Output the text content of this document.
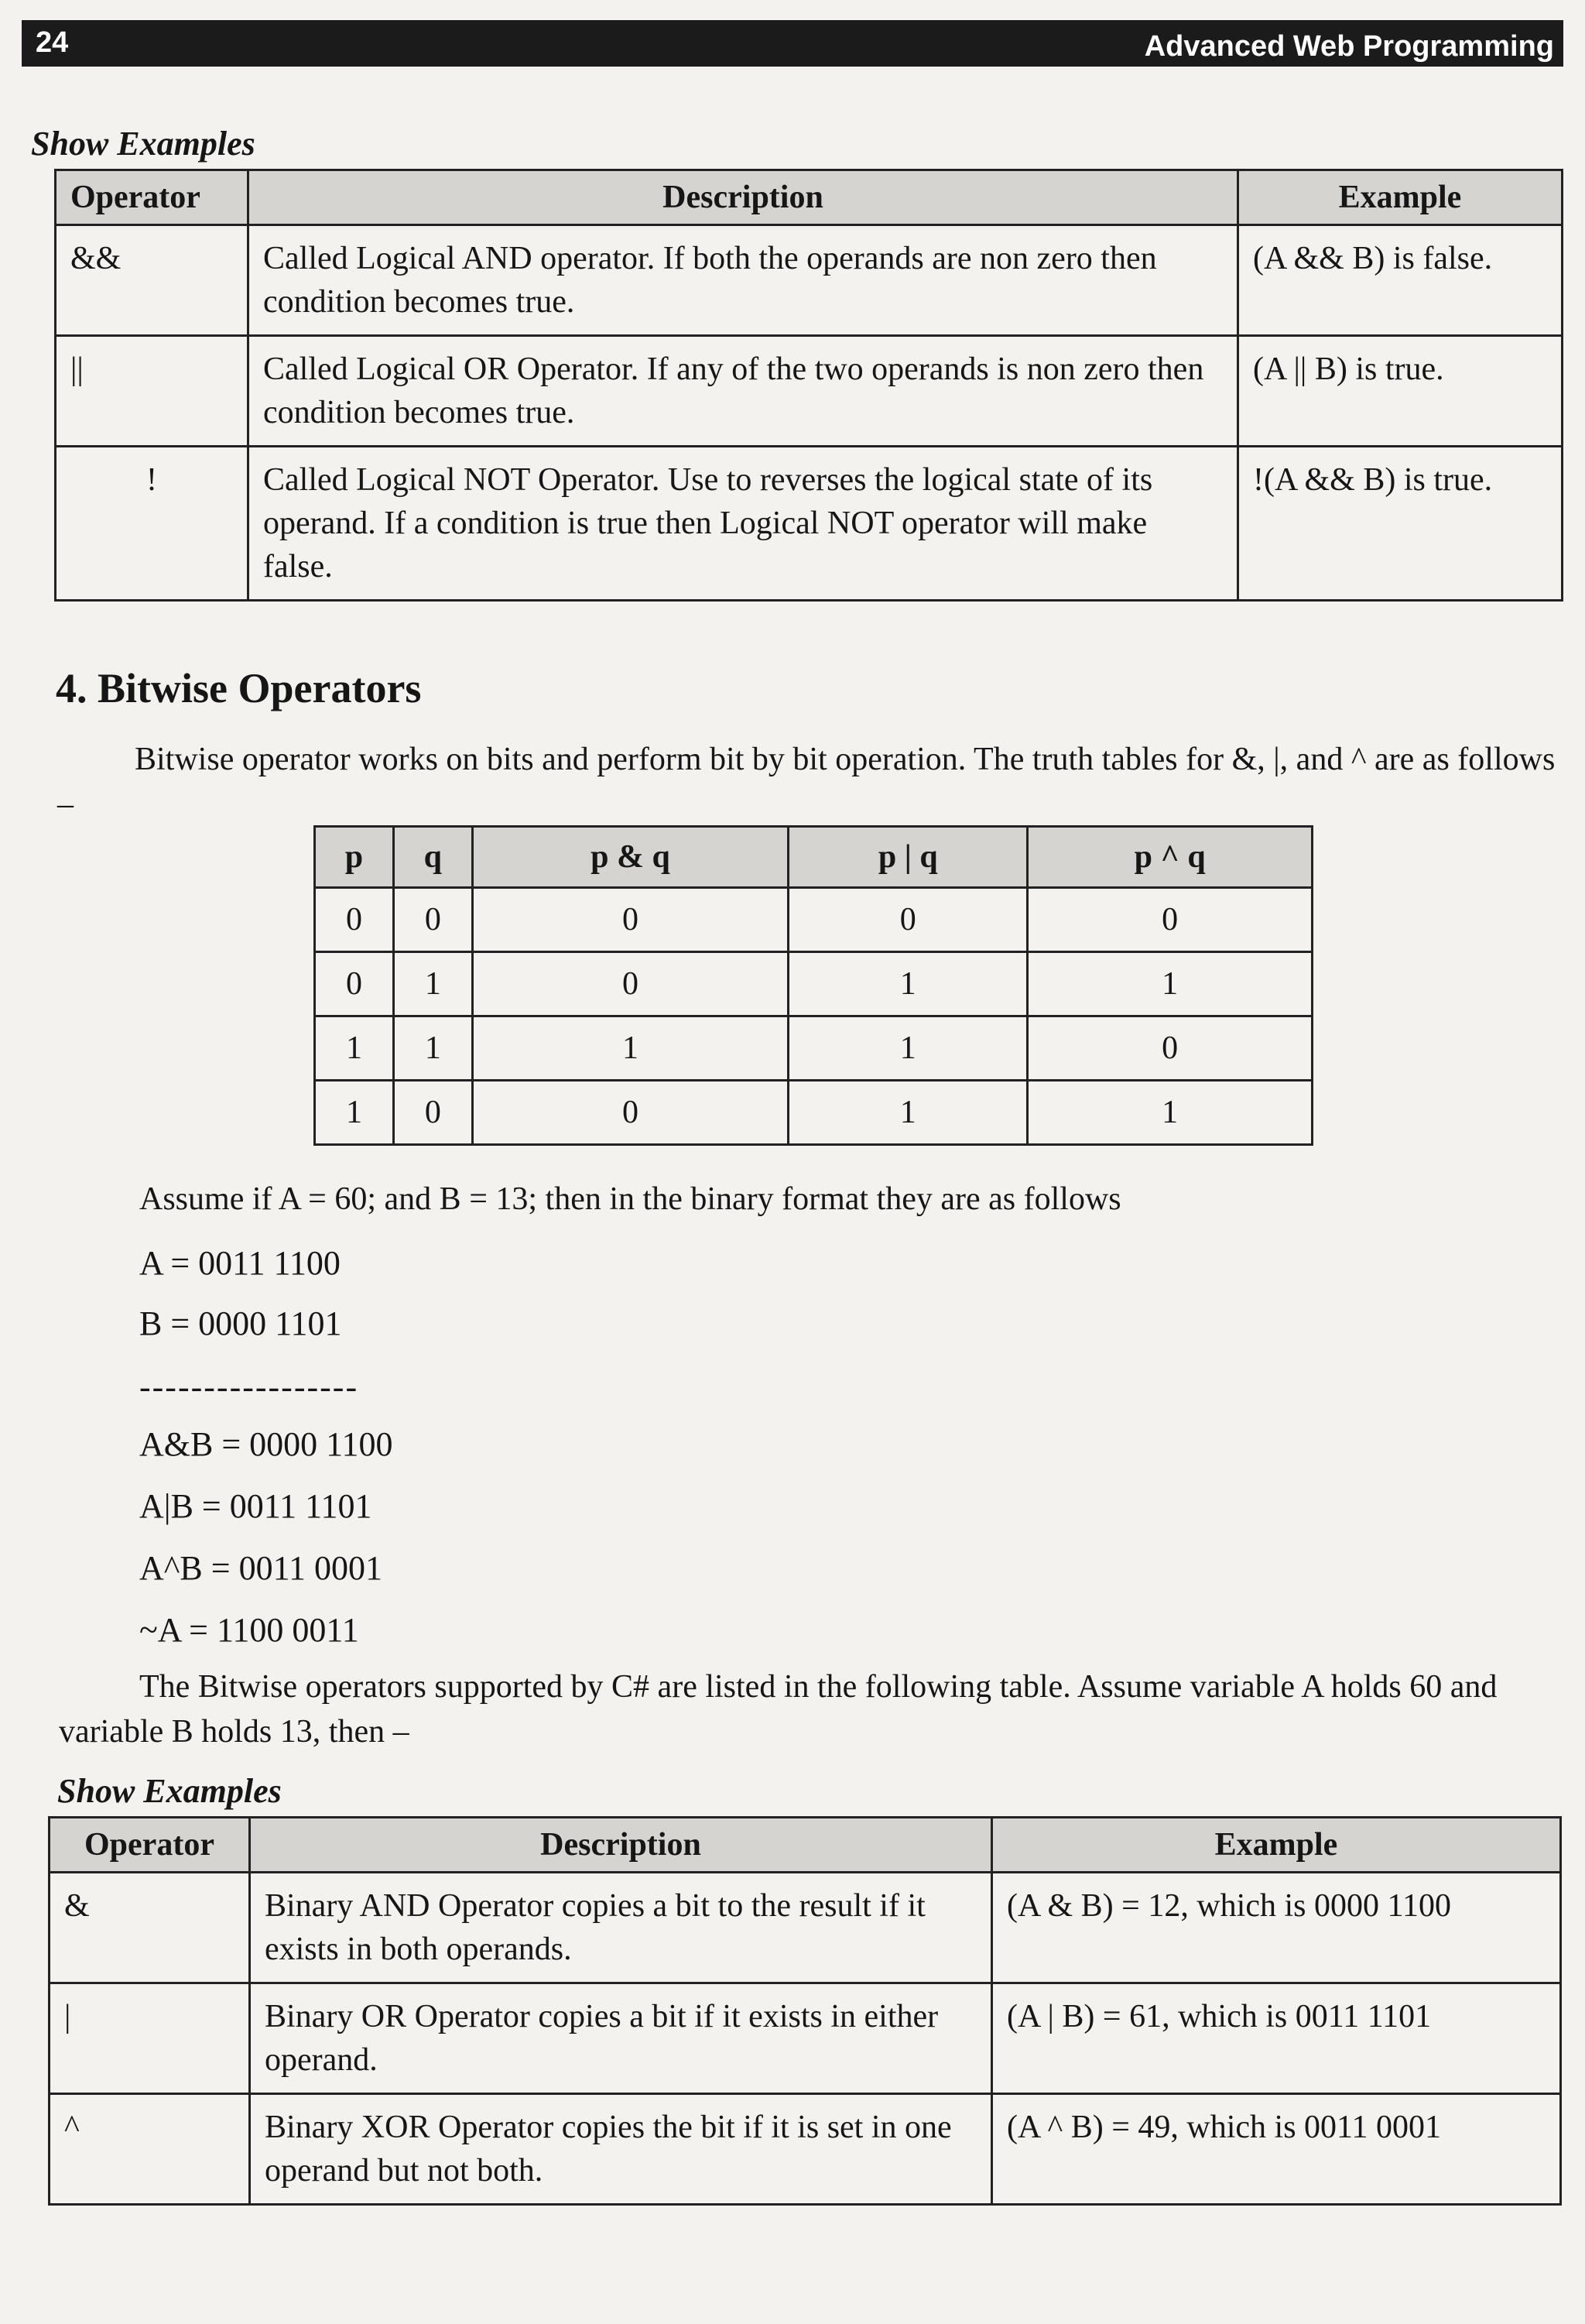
24	Advanced Web Programming
Show Examples
Operator	Description	Example
&&	Called Logical AND operator. If both the operands are non zero then condition becomes true.	(A && B) is false.
||	Called Logical OR Operator. If any of the two operands is non zero then condition becomes true.	(A || B) is true.
!	Called Logical NOT Operator. Use to reverses the logical state of its operand. If a condition is true then Logical NOT operator will make false.	!(A && B) is true.
4. Bitwise Operators
Bitwise operator works on bits and perform bit by bit operation. The truth tables for &, |, and ^ are as follows –
p	q	p & q	p | q	p ^ q
0	0	0	0	0
0	1	0	1	1
1	1	1	1	0
1	0	0	1	1
Assume if A = 60; and B = 13; then in the binary format they are as follows
A = 0011 1100
B = 0000 1101
-----------------
A&B = 0000 1100
A|B = 0011 1101
A^B = 0011 0001
~A = 1100 0011
The Bitwise operators supported by C# are listed in the following table. Assume variable A holds 60 and variable B holds 13, then –
Show Examples
Operator	Description	Example
&	Binary AND Operator copies a bit to the result if it exists in both operands.	(A & B) = 12, which is 0000 1100
|	Binary OR Operator copies a bit if it exists in either operand.	(A | B) = 61, which is 0011 1101
^	Binary XOR Operator copies the bit if it is set in one operand but not both.	(A ^ B) = 49, which is 0011 0001
